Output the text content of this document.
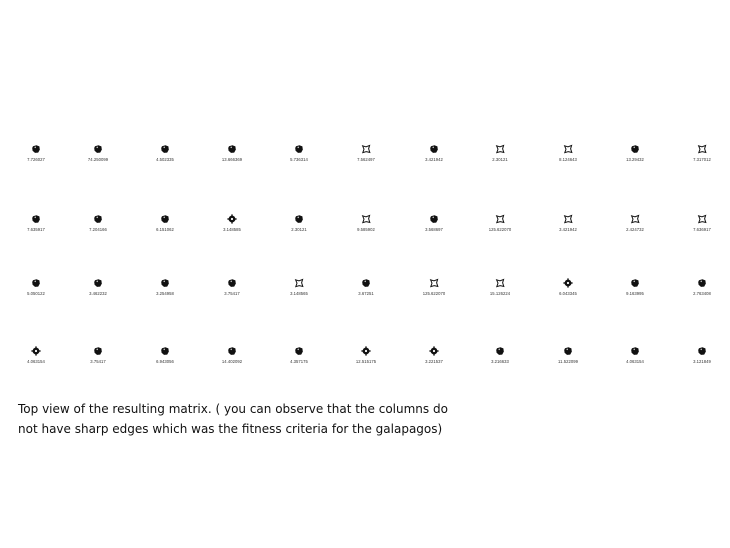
7.726027	74.250099	4.502335	13.666369	5.736314	7.562497	3.421942	2.30121	8.124643	13.29432	7.317012
7.635917	7.204166	6.151062	3.148585	2.30121	9.585902	3.568697	125.622070	3.421942	2.424732	7.636917
5.050122	3.462232	3.254958	3.75417	3.148565	3.67251	125.622070	15.126224	6.043345	9.163995	2.763408
4.063154	3.75417	6.943056	14.402092	4.357175	12.515175	3.221537	3.216633	11.522099	4.063154	3.121849
Top view of the resulting matrix. ( you can observe that the columns do
not have sharp edges which was the fitness criteria for the galapagos)
